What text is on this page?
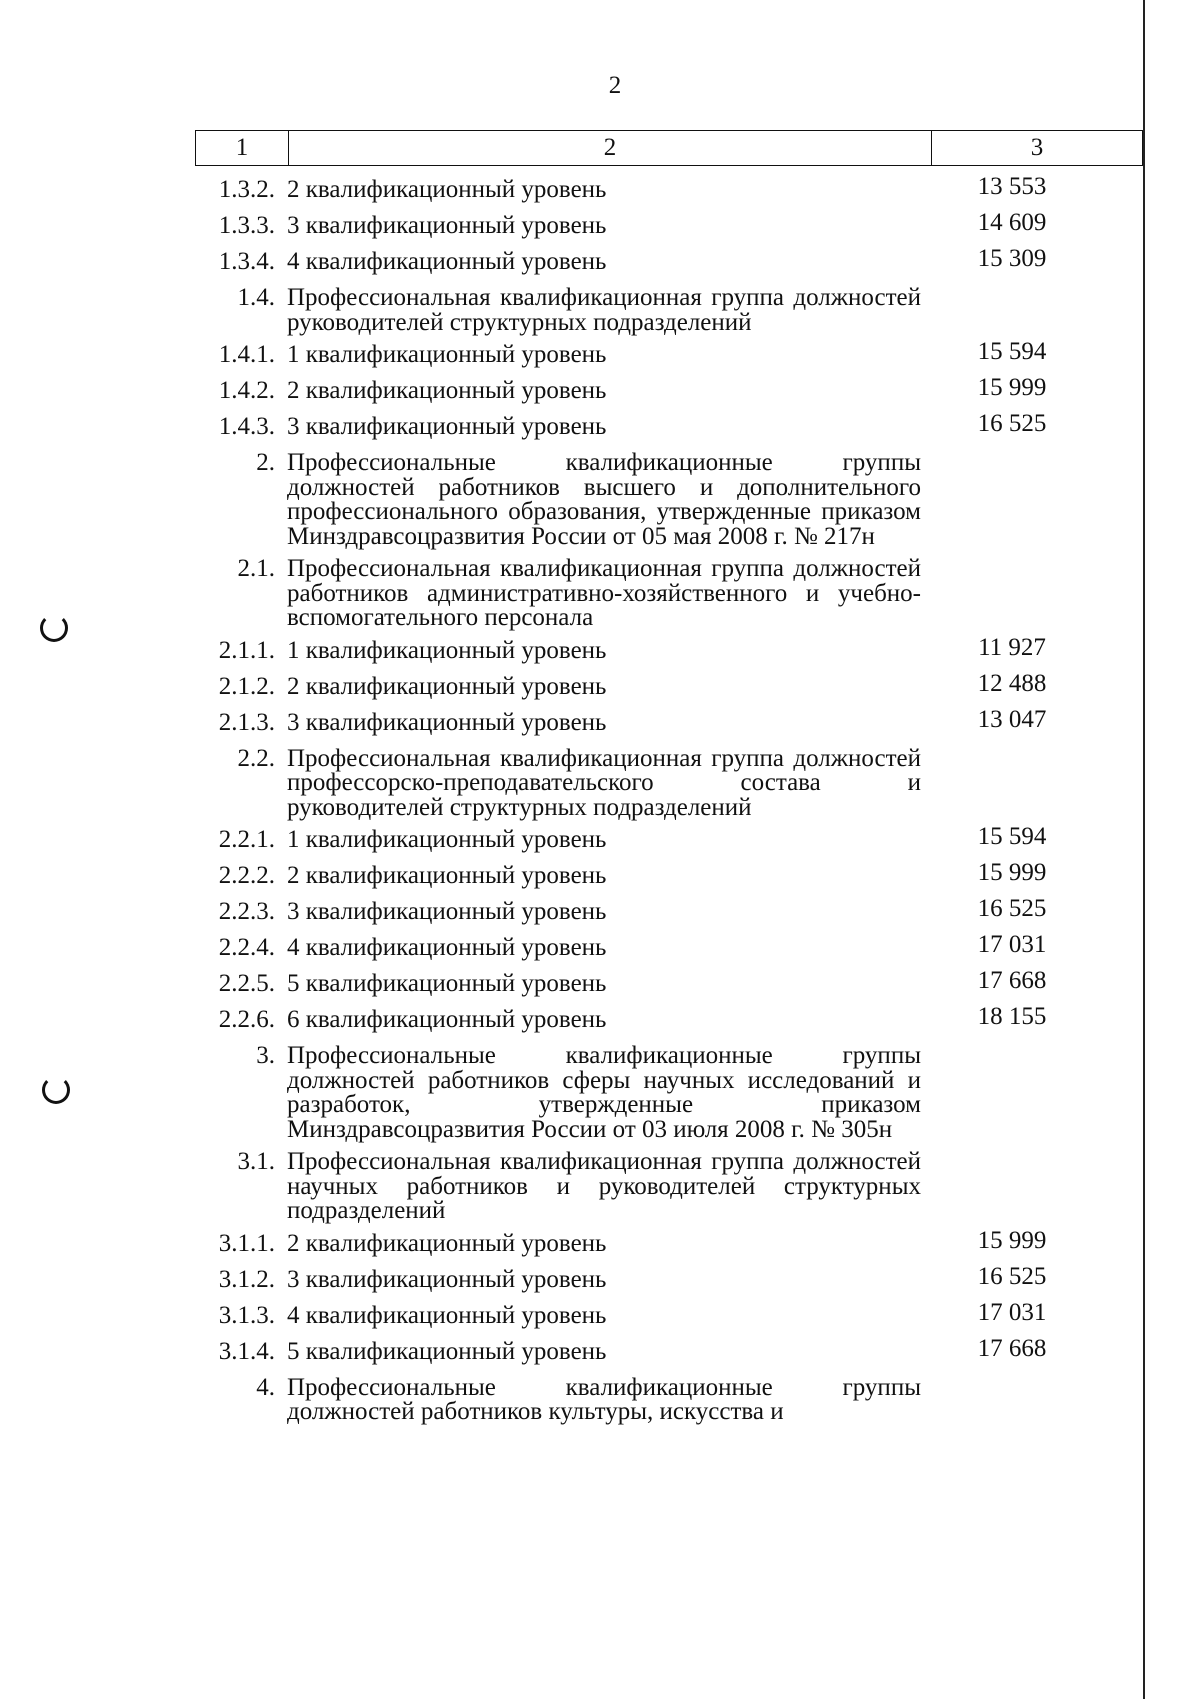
2
1	2	3
1.3.2. 2 квалификационный уровень	13 553
1.3.3. 3 квалификационный уровень	14 609
1.3.4. 4 квалификационный уровень	15 309
1.4. Профессиональная квалификационная группа должностей руководителей структурных подразделений
1.4.1. 1 квалификационный уровень	15 594
1.4.2. 2 квалификационный уровень	15 999
1.4.3. 3 квалификационный уровень	16 525
2. Профессиональные квалификационные группы должностей работников высшего и дополнительного профессионального образования, утвержденные приказом Минздравсоцразвития России от 05 мая 2008 г. № 217н
2.1. Профессиональная квалификационная группа должностей работников административно-хозяйственного и учебно-вспомогательного персонала
2.1.1. 1 квалификационный уровень	11 927
2.1.2. 2 квалификационный уровень	12 488
2.1.3. 3 квалификационный уровень	13 047
2.2. Профессиональная квалификационная группа должностей профессорско-преподавательского состава и руководителей структурных подразделений
2.2.1. 1 квалификационный уровень	15 594
2.2.2. 2 квалификационный уровень	15 999
2.2.3. 3 квалификационный уровень	16 525
2.2.4. 4 квалификационный уровень	17 031
2.2.5. 5 квалификационный уровень	17 668
2.2.6. 6 квалификационный уровень	18 155
3. Профессиональные квалификационные группы должностей работников сферы научных исследований и разработок, утвержденные приказом Минздравсоцразвития России от 03 июля 2008 г. № 305н
3.1. Профессиональная квалификационная группа должностей научных работников и руководителей структурных подразделений
3.1.1. 2 квалификационный уровень	15 999
3.1.2. 3 квалификационный уровень	16 525
3.1.3. 4 квалификационный уровень	17 031
3.1.4. 5 квалификационный уровень	17 668
4. Профессиональные квалификационные группы должностей работников культуры, искусства и
